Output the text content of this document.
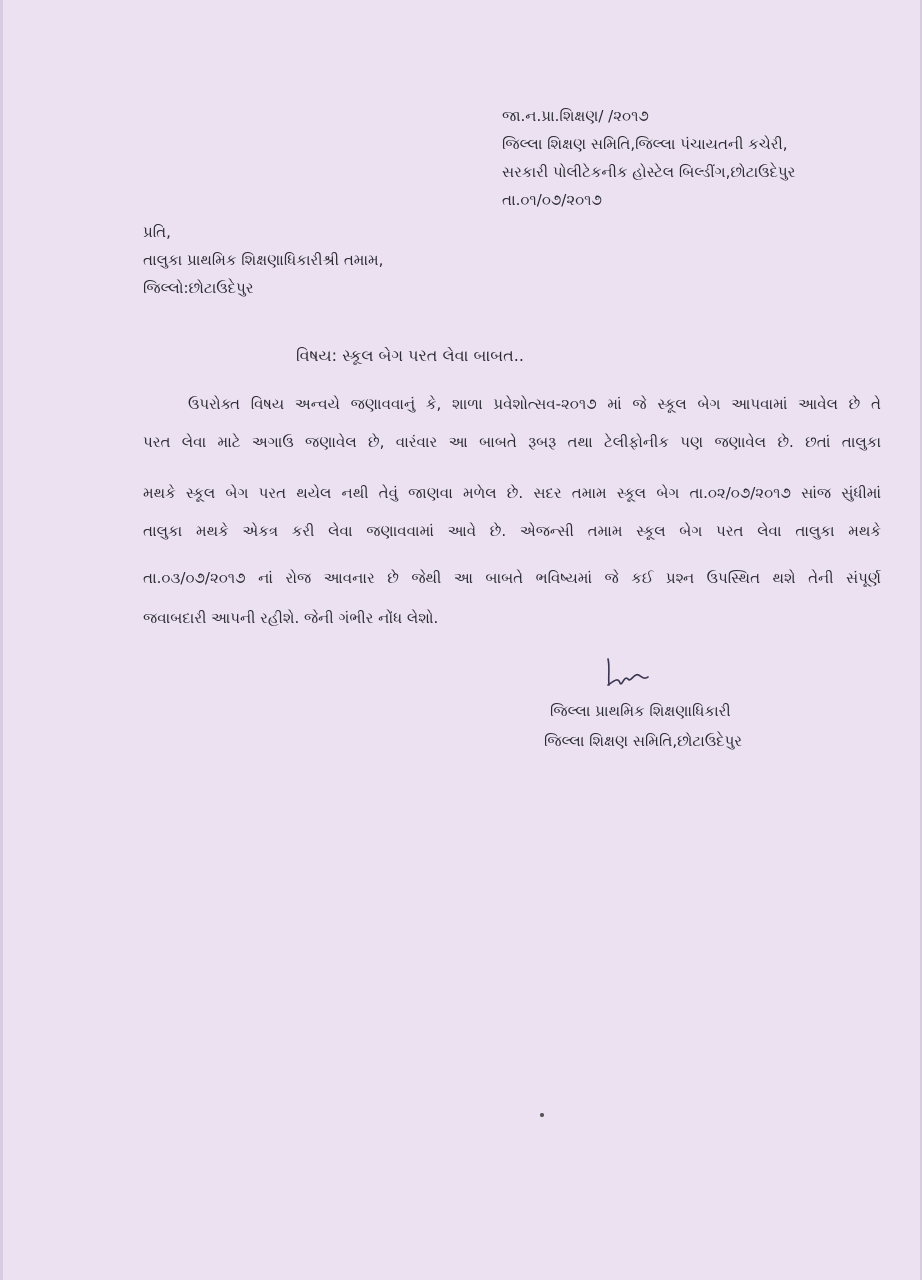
જા.ન.પ્રા.શિક્ષણ/ /૨૦૧૭
જિલ્લા શિક્ષણ સમિતિ,જિલ્લા પંચાયતની કચેરી,
સરકારી પોલીટેકનીક હોસ્ટેલ બિલ્ડીંગ,છોટાઉદેપુર
તા.૦૧/૦૭/૨૦૧૭
પ્રતિ,
તાલુકા પ્રાથમિક શિક્ષણાધિકારીશ્રી તમામ,
જિલ્લો:છોટાઉદેપુર
વિષય: સ્કૂલ બેગ પરત લેવા બાબત..
ઉપરોક્ત વિષય અન્વયે જણાવવાનું કે, શાળા પ્રવેશોત્સવ-૨૦૧૭ માં જે સ્કૂલ બેગ આપવામાં આવેલ છે તે
પરત લેવા માટે અગાઉ જણાવેલ છે, વારંવાર આ બાબતે રૂબરૂ તથા ટેલીફોનીક પણ જણાવેલ છે. છતાં તાલુકા
મથકે સ્કૂલ બેગ પરત થયેલ નથી તેવું જાણવા મળેલ છે. સદર તમામ સ્કૂલ બેગ તા.૦૨/૦૭/૨૦૧૭ સાંજ સુંધીમાં
તાલુકા મથકે એકત્ર કરી લેવા જણાવવામાં આવે છે. એજન્સી તમામ સ્કૂલ બેગ પરત લેવા તાલુકા મથકે
તા.૦૩/૦૭/૨૦૧૭ નાં રોજ આવનાર છે જેથી આ બાબતે ભવિષ્યમાં જે કઈ પ્રશ્ન ઉપસ્થિત થશે તેની સંપૂર્ણ
જવાબદારી આપની રહીશે. જેની ગંભીર નોંધ લેશો.
જિલ્લા પ્રાથમિક શિક્ષણાધિકારી
જિલ્લા શિક્ષણ સમિતિ,છોટાઉદેપુર
